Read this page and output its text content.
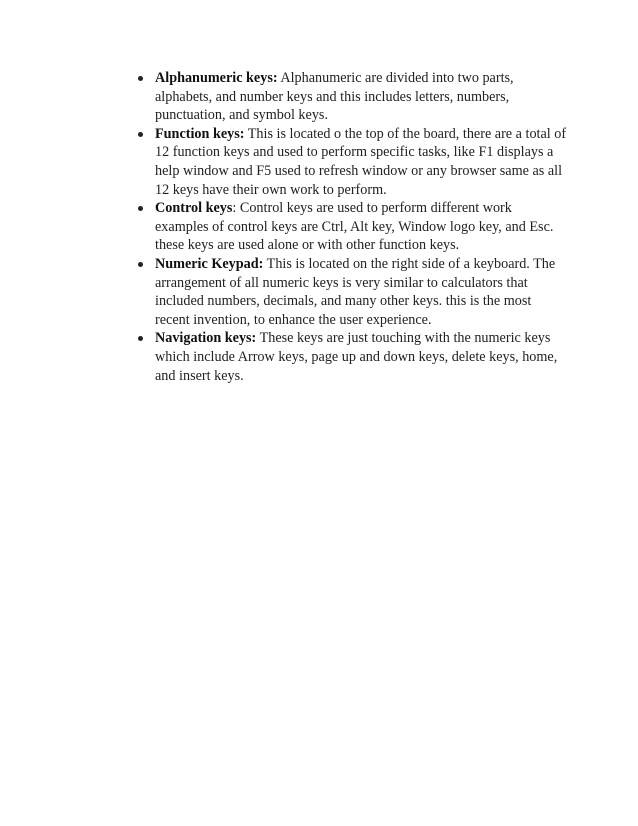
Alphanumeric keys: Alphanumeric are divided into two parts, alphabets, and number keys and this includes letters, numbers, punctuation, and symbol keys.
Function keys: This is located o the top of the board, there are a total of 12 function keys and used to perform specific tasks, like F1 displays a help window and F5 used to refresh window or any browser same as all 12 keys have their own work to perform.
Control keys: Control keys are used to perform different work examples of control keys are Ctrl, Alt key, Window logo key, and Esc. these keys are used alone or with other function keys.
Numeric Keypad: This is located on the right side of a keyboard. The arrangement of all numeric keys is very similar to calculators that included numbers, decimals, and many other keys. this is the most recent invention, to enhance the user experience.
Navigation keys: These keys are just touching with the numeric keys which include Arrow keys, page up and down keys, delete keys, home, and insert keys.
